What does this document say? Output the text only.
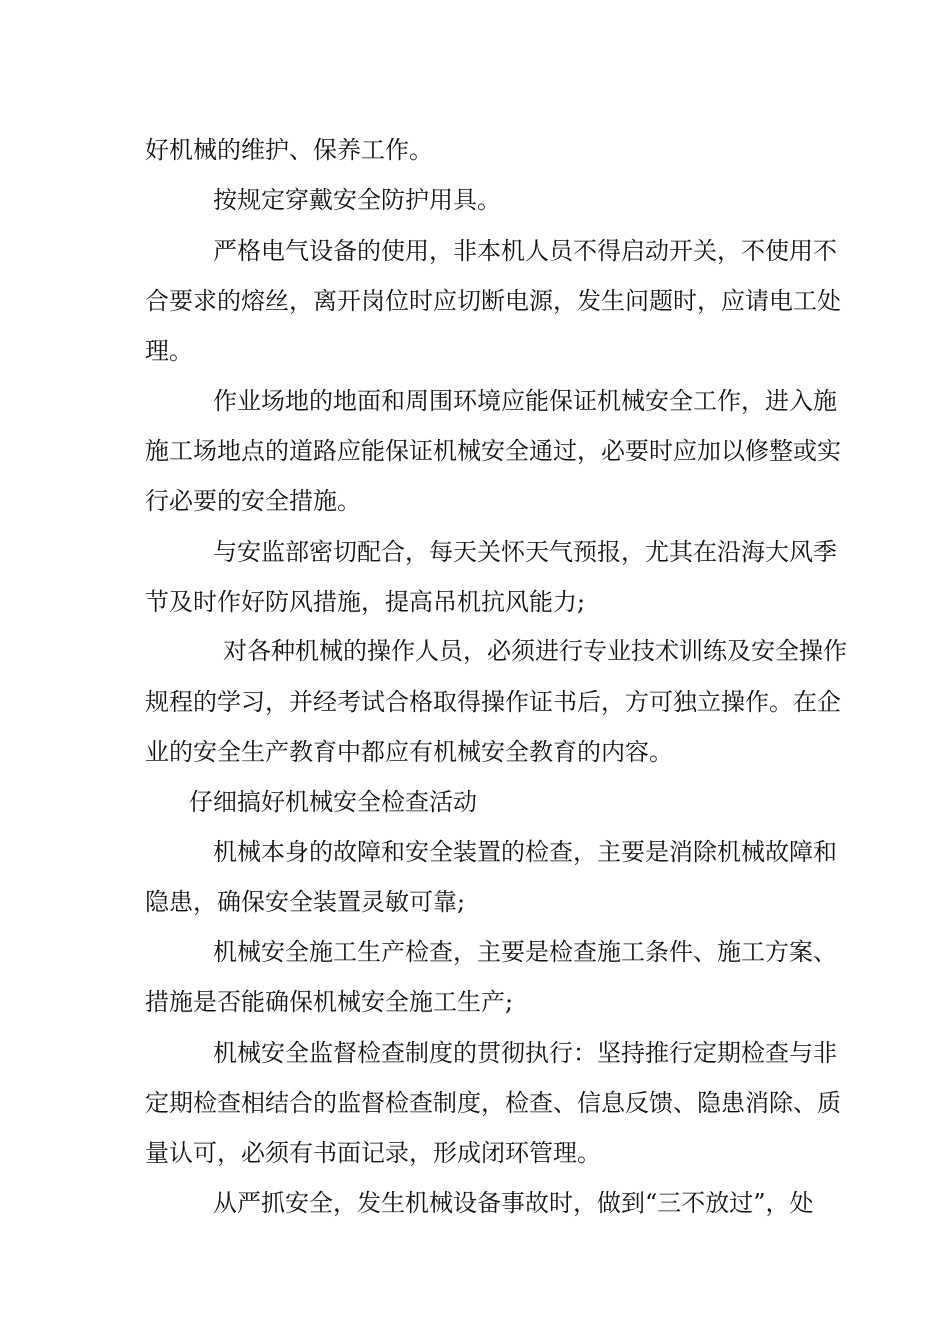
好机械的维护、保养工作。
按规定穿戴安全防护用具。
严格电气设备的使用，非本机人员不得启动开关，不使用不
合要求的熔丝，离开岗位时应切断电源，发生问题时，应请电工处
理。
作业场地的地面和周围环境应能保证机械安全工作，进入施
施工场地点的道路应能保证机械安全通过，必要时应加以修整或实
行必要的安全措施。
与安监部密切配合，每天关怀天气预报，尤其在沿海大风季
节及时作好防风措施，提高吊机抗风能力;
对各种机械的操作人员，必须进行专业技术训练及安全操作
规程的学习，并经考试合格取得操作证书后，方可独立操作。在企
业的安全生产教育中都应有机械安全教育的内容。
仔细搞好机械安全检查活动
机械本身的故障和安全装置的检查，主要是消除机械故障和
隐患，确保安全装置灵敏可靠;
机械安全施工生产检查，主要是检查施工条件、施工方案、
措施是否能确保机械安全施工生产;
机械安全监督检查制度的贯彻执行：坚持推行定期检查与非
定期检查相结合的监督检查制度，检查、信息反馈、隐患消除、质
量认可，必须有书面记录，形成闭环管理。
从严抓安全，发生机械设备事故时，做到“三不放过”，处
